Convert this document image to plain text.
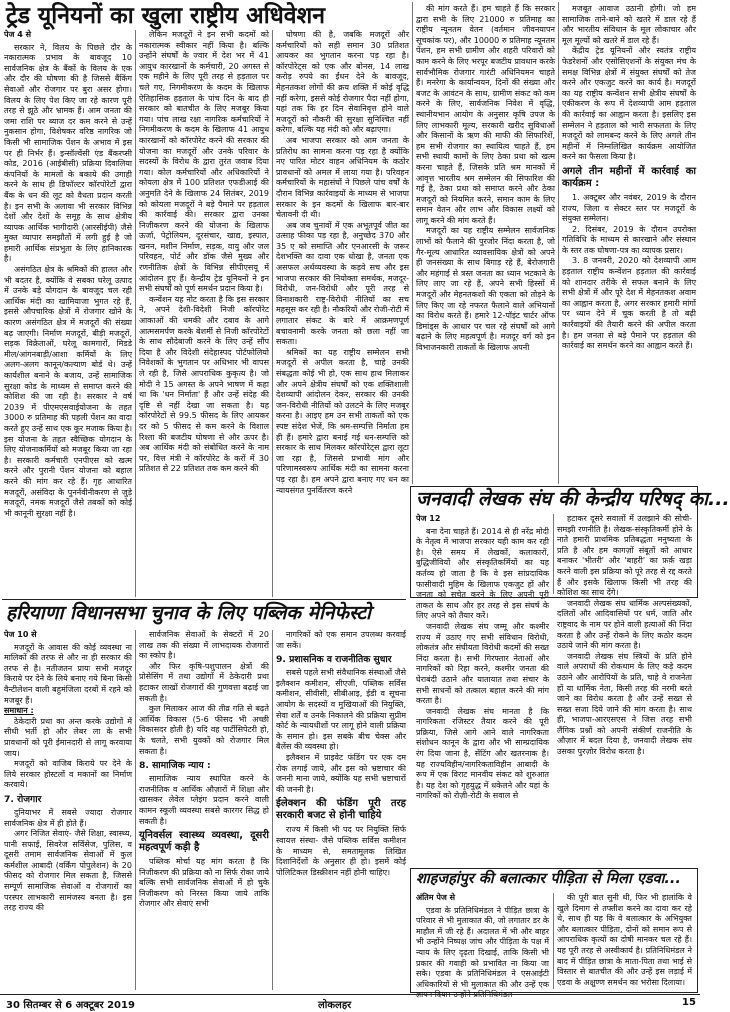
ट्रेड यूनियनों का खुला राष्ट्रीय अधिवेशन

पेज 4 से

सरकार ने, विलय के पिछले दौर के नकारात्मक प्रभाव के बावजूद 10 सार्वजनिक क्षेत्र के बैंकों के विलय के एक और दौर की घोषणा की है जिससे बैंकिंग सेवाओं और रोजगार पर बुरा असर होगा। विलय के लिए पेश किए जा रहे कारण पूरी तरह से झूठे और भ्रामक हैं। आम जनता की जमा राशि पर ब्याज दर कम करने से उन्हें नुकसान होगा, विशेषकर वरिष्ठ नागरिक जो किसी भी सामाजिक पेंशन के अभाव में इस पर ही निर्भर हैं। इन्सॉल्वेंसी एंड बैंकरप्सी कोड, 2016 (आईबीसी) प्रक्रिया दिवालिया कंपनियों के मामलों के बकाये की उगाही करने के साथ ही डिफॉल्टर कॉरपोरेटों द्वारा बैंक के धन की लूट को वैधता प्रदान करती है। इन सभी के अलावा भी सरकार विभिन्न देशों और देशों के समूह के साथ क्षेत्रीय व्यापक आर्थिक भागीदारी (आरसीईपी) जैसे मुक्त व्यापार समझौतों में लगी हुई है जो हमारी आर्थिक संप्रभुता के लिए हानिकारक है।

असंगठित क्षेत्र के श्रमिकों की हालत और भी बदतर है, क्योंकि वे सबका घरेलू उत्पाद में उनके बड़े योगदान के बावजूद चल रही आर्थिक मंदी का खामियाजा भुगत रहे हैं, इससे औपचारिक क्षेत्रों में रोजगार खोने के कारण असंगठित क्षेत्र में मजदूरों की संख्या बढ़ जाएगी। निर्माण मजदूरों, बीड़ी मजदूरों, सड़क विक्रेताओं, घरेलू कामगारों, मिडडे मील/आंगनबाड़ी/आशा कर्मियों के लिए अलग-अलग कानून/कल्याण बोर्ड थे। उन्हें कार्यशील बनाने के बजाय, उन्हें सामाजिक सुरक्षा कोड के माध्यम से समाप्त करने की कोशिश की जा रही है। सरकार ने वर्ष 2039 में पीएमएसवाईयोजना के तहत 3000 रु प्रतिमाह की पहली पेंशन का वादा करते हुए उन्हें साथ एक कूर मजाक किया है। इस योजना के तहत स्वैच्छिक योगदान के लिए योजनाकर्मियों को मजबूर किया जा रहा है। सरकारी कर्मचारी एनपीएस को खत्म करने और पुरानी पेंशन योजना को बहाल करने की मांग कर रहे हैं। गृह आधारित मजदूरों, असंविदा के पुनर्नवीनीकरण से जुड़े मजदूरों, नमक मजदूरों जैसे तबकों को कोई भी कानूनी सुरक्षा नहीं है।

लेकिन मजदूरों ने इन सभी कदमों को नकारात्मक स्वीकार नहीं किया है। बल्कि उन्होंने संघर्षों के ज्वार में देश भर में 41 आयुध कारखानों के कर्मचारी, 20 अगस्त से एक महीने के लिए पूरी तरह से हड़ताल पर चले गए, निगमीकरण के कदम के खिलाफ ऐतिहासिक हड़ताल के पांच दिन के बाद ही सरकार को बातचीत के लिए मजबूर किया गया। पांच लाख रक्षा नागरिक कर्मचारियों ने निगमीकरण के कदम के खिलाफ 41 आयुध कारखानों को कॉरपोरेट करने की सरकार की योजना का मजदूरों और उनके परिवार के सदस्यों के विरोध के द्वारा तुरंत जवाब दिया गया। कोल कर्मचारियों और अधिकारियों ने कोयला क्षेत्र में 100 प्रतिशत एफडीआई की अनुमति देने के खिलाफ 24 सितंबर, 2019 को कोयला मजदूरों ने बड़े पैमाने पर हड़ताल की कार्रवाई की। सरकार द्वारा उनका निजीकरण करने की योजना के खिलाफ ऊर्जा, पेट्रोलियम, दूरसंचार, खाद्य, इस्पात, खनन, मशीन निर्माण, सड़क, वायु और जल परिवहन, पोर्ट और डॉक जैसे मुख्य और रणनीतिक क्षेत्रों के विभिन्न सीपीएसयू में आंदोलन हुए हैं। केन्द्रीय ट्रेड यूनियनों ने इन सभी संघर्षों को पूर्ण समर्थन प्रदान किया है।

कन्वेंशन यह नोट करता है कि इस सरकार ने, अपने देशी-विदेशी निजी कॉरपोरेट आकाओं की धमकी और दबाव के आगे आत्मसमर्पण करके बेशर्मी से निजी कॉरपोरेटों के साथ सौदेबाजी करने के लिए उन्हें सौंप दिया है और विदेशी संदेहास्पद पोर्टफोलियो निवेशकों के भुगतान पर अधिभार भी वापस ले रही है, जिसे आपराधिक कुकृत्य है। जो मोदी ने 15 अगस्त के अपने भाषण में कहा था कि 'धन निर्माता' हैं और उन्हें संदेह की दृष्टि से नहीं देखा जा सकता है। यह कॉरपोरेटों से 99.5 फीसद के लिए आयकर दर को 5 फीसद से कम करने के विशाल रिश्ता की बजटीय घोषणा से और ऊपर है। अब आर्थिक मंदी को संबोधित करने के नाम पर, वित्त मंत्री ने कॉरपोरेट के करों में 30 प्रतिशत से 22 प्रतिशत तक कम करने की

घोषणा की है, जबकि मजदूरों और कर्मचारियों को सही समान 30 प्रतिशत आयकर का भुगतान करना पड़ रहा है। कॉरपोरेट्स को एक और बोनस, 14 लाख करोड़ रुपये का ईंधन देने के बावजूद, मेहनतकश लोगों की क्रय शक्ति में कोई वृद्धि नहीं करेगा, इससे कोई रोजगार पैदा नहीं होगा, यहां तक कि हर दिन सेवानिवृत्त होने वाले मजदूरों को नौकरी की सुरक्षा सुनिश्चित नहीं करेगा, बल्कि यह मंदी को और बढ़ाएगा।

अब भाजपा सरकार को आम जनता के प्रतिरोध का सामना करना पड़ रहा है क्योंकि नए पारित मोटर वाहन अधिनियम के कठोर प्रावधानों को अमल में लाया गया है। परिवहन कर्मचारियों के महासंघों ने पिछले पांच वर्षों के दौरान विभिन्न कार्रवाइयों के माध्यम से भाजपा सरकार के इन कदमों के खिलाफ बार-बार चेतावनी दी थी।

अब जब चुनावों में एक अभूतपूर्व जीत का उत्साह फीका पड़ रहा है, अनुच्छेद 370 और 35 ए को समाप्ति और एनआरसी के जरूर देशभक्ति का दावा एक धोखा है, जनता एक असफल अर्थव्यवस्था के कड़वे सच और इस भाजपा सरकार की नियोक्ता समर्थक, मजदूर-विरोधी, जन-विरोधी और पूरी तरह से विनाशकारी राष्ट्र-विरोधी नीतियों का सच महसूस कर रही है। नौकरियों और रोजी-रोटी में लगातार संकट के बारे में आक्रमणपूर्ण बचावनामी करके जनता को छला नहीं जा सकता।

श्रमिकों का यह राष्ट्रीय सम्मेलन सभी मजदूरों से अपील करता है, चाहे उनकी संबद्धता कोई भी हो, एक साथ हाथ मिलाकर और अपने क्षेत्रीय संघर्षों को एक शक्तिशाली देशव्यापी आंदोलन देकर, सरकार की उनकी जन-विरोधी नीतियों को उलटने के लिए मजबूर करना है। आइए हम उन सभी ताकतों को एक स्पष्ट संदेश भेजें, कि श्रम-सम्पत्ति निर्माता हम ही हैं। हमारे द्वारा बनाई गई धन-सम्पत्ति को सरकार के साथ मिलकर कॉरपोरेट्स द्वारा लूटा जा रहा है, जिससे प्रभावी मांग और परिणामस्वरूप आर्थिक मंदी का सामना करना पड़ रहा है। हम अपने द्वारा बनाए गए धन का न्यायसंगत पुनर्वितरण करने

की मांग करते हैं। हम चाहते हैं कि सरकार द्वारा सभी के लिए 21000 रु प्रतिमाह का राष्ट्रीय न्यूनतम वेतन (वर्तमान जीवनयापन सूचकांक पर), और 10000 रु प्रतिमाह न्यूनतम पेंशन, हम सभी ग्रामीण और शहरी परिवारों को काम करने के लिए भरपूर बजटीय प्रावधान करके सार्वभौमिक रोजगार गारंटी अधिनियमन चाहते हैं। मनरेगा के कार्यान्वयन, दिनों की संख्या और बजट के आवंटन के साथ, ग्रामीण संकट को कम करने के लिए, सार्वजनिक निवेश में वृद्धि, स्थानीयभान आयोग के अनुसार कृषि उपज के लिए लाभकारी मूल्य, सरकारी खरीद सुविधाओं और किसानों के ऋण की माफी की सिफारिशें, हम सभी रोजगार का स्थायित्व चाहते हैं, हम सभी स्थायी कामों के लिए ठेका प्रथा को खत्म करना चाहते हैं, जिसके प्रति श्रम मानकों में आवृत्त भारतीय श्रम सम्मेलन की सिफारिश की गई है, ठेका प्रथा को समाप्त करने और ठेका मजदूरों को नियमित करने, समान काम के लिए समान वेतन और लाभ और विकास लक्ष्यों को लागू करने की मांग करते हैं।

मजदूरों का यह राष्ट्रीय सम्मेलन सार्वजनिक लाभों को फैलाने की पुरजोर निंदा करता है, जो गैर-मूल्य आधारित व्यावसायिक क्षेत्रों को अपने ही जनसंख्या के साथ बिगाड़ रहे हैं, बेरोजगारी और महंगाई से त्रस्त जनता का ध्यान भटकाने के लिए लाए जा रहे हैं, अपने सभी हिस्सों में मजदूरों और मेहनतकशों की एकता को तोड़ने के लिए किए जा रहे नफरत फैलाने वाले अभियानों का विरोध करते हैं। हमारे 12-पॉइंट चार्टर ऑफ डिमांड्स के आधार पर चल रहे संघर्षों को आगे बढ़ाने के लिए महत्वपूर्ण है। मजदूर वर्ग को इन विभाजनकारी ताकतों के खिलाफ अपनी

मजबूत आवाज उठानी होगी। जो हम सामाजिक ताने-बाने को खतरे में डाल रहे हैं और भारतीय संविधान के मूल लोकाचार और मूल मूल्यों को खतरे में डाल रहे हैं।

केंद्रीय ट्रेड यूनियनों और स्वतंत्र राष्ट्रीय फेडरेशनों और एसोसिएशनों के संयुक्त मंच के समक्ष विभिन्न क्षेत्रों में संयुक्त संघर्षों को तेज करने और एकजुट करने का कार्य है। मजदूरों का यह राष्ट्रीय कन्वेंशन सभी क्षेत्रीय संघर्षों के एकीकरण के रूप में देशव्यापी आम हड़ताल की कार्रवाई का आह्वान करता है। इसलिए इस सम्मेलन ने हड़ताल को भारी सफलता के लिए मजदूरों को लामबन्द करने के लिए अगले तीन महीनों में निम्नलिखित कार्यक्रम आयोजित करने का फैसला किया है।

अगले तीन महीनों में कार्रवाई का कार्यक्रम :

1. अक्टूबर और नवंबर, 2019 के दौरान राज्य, जिला व सेक्टर स्तर पर मजदूरों के संयुक्त सम्मेलन।

2. दिसंबर, 2019 के दौरान उपरोक्त गतिविधि के माध्यम से कारखाने और संस्थान के स्तर तक घोषणा-पत्र का व्यापक प्रसार।

3. 8 जनवरी, 2020 को देशव्यापी आम हड़ताल राष्ट्रीय कन्वेंशन हड़ताल की कार्रवाई को शानदार तरीके से सफल बनाने के लिए सभी क्षेत्रों में और पूरे देश में मेहनतकश अवाम का आह्वान करता है, अगर सरकार हमारी मांगों पर ध्यान देने में चूक करती है तो बढ़ी कार्रवाइयों की तैयारी करने की अपील करता है। हम जनता से बड़े पैमाने पर हड़ताल की कार्रवाई का समर्थन करने का आह्वान करते हैं।

जनवादी लेखक संघ की केन्द्रीय परिषद् का...

पेज 12

बना देना चाहते हैं। 2014 से ही नरेंद्र मोदी के नेतृत्व में भाजपा सरकार यही काम कर रही है। ऐसे समय में लेखकों, कलाकारों, बुद्धिजीवियों और संस्कृतिकर्मियों का यह कर्तव्य हो जाता है कि वे इस सांप्रदायिक फासीवादी मुहिम के खिलाफ एकजुट हों और जनता को सचेत करने के लिए अपनी पूरी ताकत के साथ और हर तरह से इस संघर्ष के लिए अपने को तैयार करें।

जनवादी लेखक संघ जम्मू और कश्मीर राज्य में उठाए गए सभी संविधान विरोधी, लोकतंत्र और संघीयता विरोधी कदमों की सख्त निंदा करता है। सभी गिरफ्तार नेताओं और नागरिकों को रिहा करने, कश्मीर जनता की घेराबंदी उठाने और यातायात तथा संचार के सभी साधनों को तत्काल बहाल करने की मांग करता है।

जनवादी लेखक संघ मानता है कि नागरिकता रजिस्टर तैयार करने की पूरी प्रक्रिया, जिसे आगे आने वाले नागरिकता संशोधन कानून के द्वारा और भी साम्प्रदायिक रंग दिया जाना है, सेंटिंग और खतरनाक है। यह राज्यविहीन/नागरिकताविहीन आबादी के रूप में एक विराट मानवीय संकट को शुरुआत है। यह देश को गृहयुद्ध में धकेलने और यहां के नागरिकों को रोज़ी-रोटी के सवाल से

हटाकर दूसरे सवालों में उलझाने की सोची-समझी रणनीति है। लेखक-संस्कृतिकर्मी होने के नाते हमारी प्राथमिक प्रतिबद्धता मनुष्यता के प्रति है और हम कागज़ों संबूतों को आधार बनाकर 'भीतरी' और 'बाहरी' का फ़र्क़ खड़ा करने वाली इस प्रक्रिया को पूरे तरह से रद्द करते हैं और इसके खिलाफ किसी भी तरह की कोशिश का साथ देंगे।

जनवादी लेखक संघ धार्मिक अल्पसंख्यकों, दलितों और आदिवासियों पर धर्म, जाति और राष्ट्रवाद के नाम पर होने वाली हत्याओं की निंदा करता है और उन्हें रोकने के लिए कठोर कदम उठाये जाने की मांग करता है।

जनवादी लेखक संघ स्त्रियों के प्रति होने वाले अपराधों की रोकथाम के लिए कड़े कदम उठाने और आरोपियों के प्रति, चाहे वे राजनेता हों या धार्मिक नेता, किसी तरह की नरमी बरते जाने का विरोध करता है और उन्हें सख्त से सख्त सजा दिये जाने की मांग करता है। साथ ही, भाजपा-आरएसएस ने जिस तरह सभी लैंगिक प्रश्नों को अपनी संकीर्ण राजनीति के औज़ार में बदल दिया है, जनवादी लेखक संघ उसका पुरज़ोर विरोध करता है।

हरियाणा विधानसभा चुनाव के लिए पब्लिक मेनिफेस्टो

पेज 10 से

मजदूरों के आवास की कोई व्यवस्था ना मालिकों की तरफ से और ना ही सरकार की तरफ से है। नतीजतन प्रायः सभी मजदूर किराये पर देने के लिये बनाए गये बिना किसी वैन्टीलेशन वाली बहुमंजिला दरबों में रहने को मजबूर हैं।

समाधान :

ठेकेदारी प्रथा का अन्त करके उद्योगों में सीधी भर्ती हो और लेबर ला के सभी प्रावधानों को पूरी ईमानदारी से लागू करवाया जाय।

मजदूरों को वाजिब किराये पर देने के लिये सरकार होस्टलों व मकानों का निर्माण करवाये।

7. रोजगार

दुनियाभर में सबसे ज्यादा रोजगार सार्वजनिक क्षेत्र में ही होते हैं।

अगर निजित सेवाएं- जैसे शिक्षा, स्वास्थ्य, पानी सफाई, सिवरेज सर्विसेज, पुलिस, व दूसरी तमाम सार्वजनिक सेवाओं में कुल कर्मशील आबादी (वर्किंग पोपुलेशन) के 20 फीसद को रोजगार मिल सकता है, जिससे सम्पूर्ण सामाजिक सेवाओं व रोजगारों का परस्पर लाभकारी सामंजस्य बनता है। इस तरह राज्य की

सार्वजनिक सेवाओं के सेक्टरों में 20 लाख तक की संख्या में लाभदायक रोजगारों का स्कोप है।

और फिर कृषि-पशुपालन क्षेत्रों की प्रोसेसिंग में तथा उद्योगों में ठेकेदारी प्रथा हटाकर लाखों रोजगारों की गुणवत्ता बढ़ाई जा सकती है।

कुल मिलाकर आज की तीव्र गति से बढ़ते आर्थिक विकास (5-6 फीसद भी अच्छी विकासदर होती है) यदि वह पार्टीसिपेटरी हो, के चलते, सभी युवकों को रोजगार मिल सकता है।

8. सामाजिक न्याय :

सामाजिक न्याय स्थापित करने के राजनीतिक व आर्थिक औज़ारों में शिक्षा और खासकर लेवेल प्लेइंग प्रदान करने वाली कामन स्कूली व्यवस्था सबसे कारगर सिद्ध हो सकती है।

यूनिवर्सल स्वास्थ्य व्यवस्था, दूसरी महत्वपूर्ण कड़ी है

पब्लिक मोर्चा यह मांग करता है कि निजीकरण की प्रक्रिया को ना सिर्फ रोका जाये बल्कि सभी सार्वजनिक सेवाओं में हो चुके निजीकरण को निरस्त किया जाये ताकि रोजगार और सेवाएं सभी

नागरिकों को एक समान उपलब्ध करवाई जा सकें।

9. प्रशासनिक व राजनीतिक सुधार

सबसे पहले सभी संवैधानिक संस्थाओं जैसे इलैक्शन कमीशन, सीएजी, पब्लिक सर्विस कमीशन, सीवीसी, सीबीआइ, ईडी व सूचना आयोग के सदस्यों व मुखियाओं की नियुक्ति, सेवा शर्तें व उनके निकालने की प्रक्रिया सुप्रीम कोर्ट के न्यायधीशों पर लागू होने वाली प्रक्रिया के समान हो। इस सबके बीच चेक्स और बैलेंस की व्यवस्था हो।

इलैक्शन में प्राइवेट फंडिंग पर एक दम रोक लगाई जाये, और इस को भ्रष्टाचार की जननी माना जाये, क्योंकि यह सभी भ्रष्टाचारों की जननी है।

ईलेक्शन की फंडिंग पूरी तरह सरकारी बजट से होनी चाहिये

राज्य में किसी भी पद पर नियुक्ति सिर्फ स्वायत्त संस्था- जैसे पब्लिक सर्विस कमीशन के माध्यम से, समतामूलक लिखित दिशानिर्देशों के अनुसार ही हो। इसमें कोई पोलिटिकल डिस्क्रीशन नहीं होनी चाहिए।	शाहजहांपुर की बलात्कार पीड़िता से मिला एडवा...

अंतिम पेज से

एडवा के प्रतिनिधिमंडल ने पीड़ित छात्रा के परिवार से भी मुलाकात की, जो लगातार डर के माहौल में जी रहे हैं। अदालत में भी और बाहर भी उन्होंने निष्पक्ष जांच और पीड़िता के पक्ष में न्याय के लिए दृढ़ता दिखाई, ताकि किसी भी प्रकार की गवाही को प्रभावित ना किया जा सके। एडवा के प्रतिनिधिमंडल ने एसआईटी अधिकारियों से भी मुलाकात की और उन्हें एक ज्ञापन दिया। उन्होंने प्रतिनिधिमंडल

की पूरी बात सुनी थी, फिर भी हालांकि वे खुले दिमाग से तफ्तीश करने का दावा कर रहे थे, साथ ही यह कि वे बलात्कार के अभियुक्त और बलात्कार पीड़िता, दोनों को समान रूप से आपराधिक कृत्यों का दोषी मानकर चल रहे हैं। यह पूरी तरह से अस्वीकार्य है। प्रतिनिधिमंडल ने बाद में पीड़ित छात्रा के माता-पिता तथा भाई से विस्तार से बातचीत की और उन्हें इस लड़ाई में एडवा के अक्षुण्ण समर्थन का भरोसा दिलाया।

30 सितम्बर से 6 अक्टूबर 2019	लोकलहर	15
